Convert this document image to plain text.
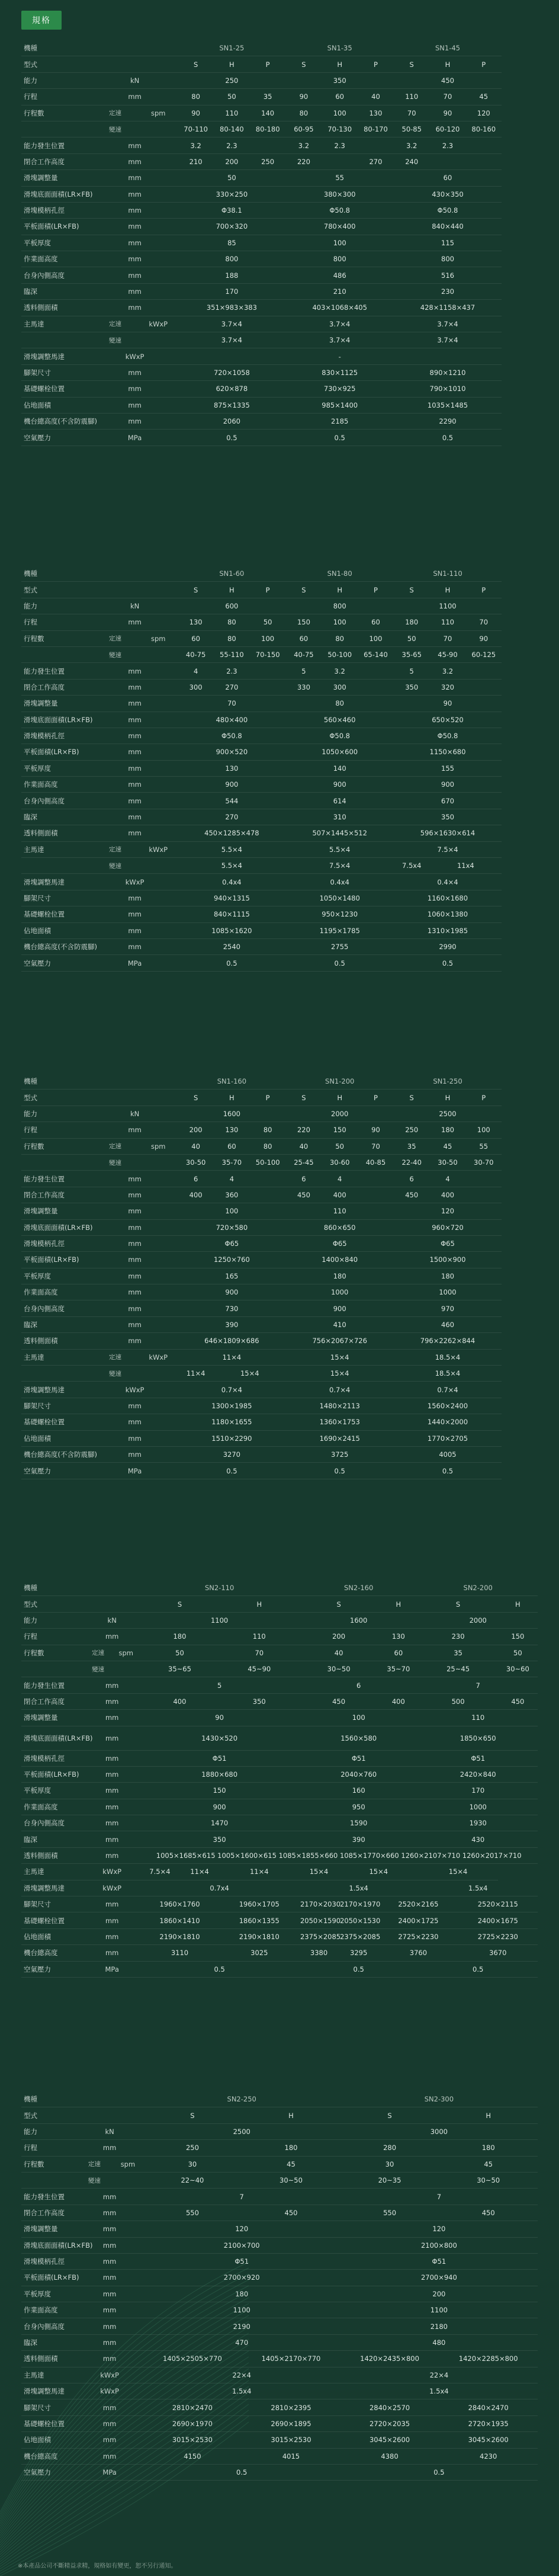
規格
機種			SN1-25			SN1-35			SN1-45		
型式			S	H	P	S	H	P	S	H	P
能力	kN		250			350			450		
行程	mm		80	50	35	90	60	40	110	70	45
行程數	定速	spm	90	110	140	80	100	130	70	90	120
	變速		70-110	80-140	80-180	60-95	70-130	80-170	50-85	60-120	80-160
能力發生位置	mm		3.2	2.3		3.2	2.3		3.2	2.3	
閉合工作高度	mm		210	200	250	220		270	240		
滑塊調整量	mm		50			55			60		
滑塊底面面積(LR×FB)	mm		330×250			380×300			430×350		
滑塊模柄孔徑	mm		Φ38.1			Φ50.8			Φ50.8		
平板面積(LR×FB)	mm		700×320			780×400			840×440		
平板厚度	mm		85			100			115		
作業面高度	mm		800			800			800		
台身內側高度	mm		188			486			516		
臨深	mm		170			210			230		
透料側面積	mm		351×983×383			403×1068×405			428×1158×437		
主馬達	定速	kWxP	3.7×4			3.7×4			3.7×4		
	變速		3.7×4			3.7×4			3.7×4		
滑塊調整馬達	kWxP					-					
腳架尺寸	mm		720×1058			830×1125			890×1210		
基礎螺栓位置	mm		620×878			730×925			790×1010		
佔地面積	mm		875×1335			985×1400			1035×1485		
機台總高度(不含防震腳)	mm		2060			2185			2290		
空氣壓力	MPa		0.5			0.5			0.5		
機種			SN1-60			SN1-80			SN1-110		
型式			S	H	P	S	H	P	S	H	P
能力	kN		600			800			1100		
行程	mm		130	80	50	150	100	60	180	110	70
行程數	定速	spm	60	80	100	60	80	100	50	70	90
	變速		40-75	55-110	70-150	40-75	50-100	65-140	35-65	45-90	60-125
能力發生位置	mm		4	2.3		5	3.2		5	3.2	
閉合工作高度	mm		300	270		330	300		350	320	
滑塊調整量	mm		70			80			90		
滑塊底面面積(LR×FB)	mm		480×400			560×460			650×520		
滑塊模柄孔徑	mm		Φ50.8			Φ50.8			Φ50.8		
平板面積(LR×FB)	mm		900×520			1050×600			1150×680		
平板厚度	mm		130			140			155		
作業面高度	mm		900			900			900		
台身內側高度	mm		544			614			670		
臨深	mm		270			310			350		
透料側面積	mm		450×1285×478			507×1445×512			596×1630×614		
主馬達	定速	kWxP	5.5×4			5.5×4			7.5×4		
	變速		5.5×4			7.5×4			7.5x4	11x4	
滑塊調整馬達	kWxP		0.4x4			0.4x4			0.4×4		
腳架尺寸	mm		940×1315			1050×1480			1160×1680		
基礎螺栓位置	mm		840×1115			950×1230			1060×1380		
佔地面積	mm		1085×1620			1195×1785			1310×1985		
機台總高度(不含防震腳)	mm		2540			2755			2990		
空氣壓力	MPa		0.5			0.5			0.5		
機種			SN1-160			SN1-200			SN1-250		
型式			S	H	P	S	H	P	S	H	P
能力	kN		1600			2000			2500		
行程	mm		200	130	80	220	150	90	250	180	100
行程數	定速	spm	40	60	80	40	50	70	35	45	55
	變速		30-50	35-70	50-100	25-45	30-60	40-85	22-40	30-50	30-70
能力發生位置	mm		6	4		6	4		6	4	
閉合工作高度	mm		400	360		450	400		450	400	
滑塊調整量	mm		100			110			120		
滑塊底面面積(LR×FB)	mm		720×580			860×650			960×720		
滑塊模柄孔徑	mm		Φ65			Φ65			Φ65		
平板面積(LR×FB)	mm		1250×760			1400×840			1500×900		
平板厚度	mm		165			180			180		
作業面高度	mm		900			1000			1000		
台身內側高度	mm		730			900			970		
臨深	mm		390			410			460		
透料側面積	mm		646×1809×686			756×2067×726			796×2262×844		
主馬達	定速	kWxP	11×4			15×4			18.5×4		
	變速		11×4	15×4		15×4			18.5×4		
滑塊調整馬達	kWxP		0.7×4			0.7×4			0.7×4		
腳架尺寸	mm		1300×1985			1480×2113			1560×2400		
基礎螺栓位置	mm		1180×1655			1360×1753			1440×2000		
佔地面積	mm		1510×2290			1690×2415			1770×2705		
機台總高度(不含防震腳)	mm		3270			3725			4005		
空氣壓力	MPa		0.5			0.5			0.5		
機種			SN2-110			SN2-160			SN2-200		
型式			S		H	S		H	S		H
能力	kN		1100			1600			2000		
行程	mm		180		110	200		130	230		150
行程數	定速	spm	50		70	40		60	35		50
	變速		35~65		45~90	30~50		35~70	25~45		30~60
能力發生位置	mm		5			6			7		
閉合工作高度	mm		400		350	450		400	500		450
滑塊調整量	mm		90			100			110		
滑塊底面面積(LR×FB)	mm		1430×520			1560×580			1850×650		
滑塊模柄孔徑	mm		Φ51			Φ51			Φ51		
平板面積(LR×FB)	mm		1880×680			2040×760			2420×840		
平板厚度	mm		150			160			170		
作業面高度	mm		900			950			1000		
台身內側高度	mm		1470			1590			1930		
臨深	mm		350			390			430		
透料側面積	mm		1005×1685×615 1005×1600×615 1085×1855×660 1085×1770×660 1260×2107×710 1260×2017×710								
主馬達	kWxP		7.5×4	11×4	11×4	15×4	15×4		15×4		
滑塊調整馬達	kWxP		0.7x4			1.5x4			1.5x4		
腳架尺寸	mm		1960×1760		1960×1705	2170×2030	2170×1970	2520×2165		2520×2115	
基礎螺栓位置	mm		1860×1410		1860×1355	2050×1590	2050×1530	2400×1725		2400×1675	
佔地面積	mm		2190×1810		2190×1810	2375×2085	2375×2085	2725×2230		2725×2230	
機台總高度	mm		3110		3025	3380	3295	3760		3670	
空氣壓力	MPa		0.5			0.5			0.5		
機種			SN2-250		SN2-300	
型式			S	H	S	H
能力	kN		2500		3000	
行程	mm		250	180	280	180
行程數	定速	spm	30	45	30	45
	變速		22~40	30~50	20~35	30~50
能力發生位置	mm		7		7	
閉合工作高度	mm		550	450	550	450
滑塊調整量	mm		120		120	
滑塊底面面積(LR×FB)	mm		2100×700		2100×800	
滑塊模柄孔徑	mm		Φ51		Φ51	
平板面積(LR×FB)	mm		2700×920		2700×940	
平板厚度	mm		180		200	
作業面高度	mm		1100		1100	
台身內側高度	mm		2190		2180	
臨深	mm		470		480	
透料側面積	mm		1405×2505×770	1405×2170×770	1420×2435×800	1420×2285×800
主馬達	kWxP		22×4		22×4	
滑塊調整馬達	kWxP		1.5x4		1.5x4	
腳架尺寸	mm		2810×2470	2810×2395	2840×2570	2840×2470
基礎螺栓位置	mm		2690×1970	2690×1895	2720×2035	2720×1935
佔地面積	mm		3015×2530	3015×2530	3045×2600	3045×2600
機台總高度	mm		4150	4015	4380	4230
空氣壓力	MPa		0.5		0.5	
※本產品公司不斷精益求精，規格如有變更，恕不另行通知。
